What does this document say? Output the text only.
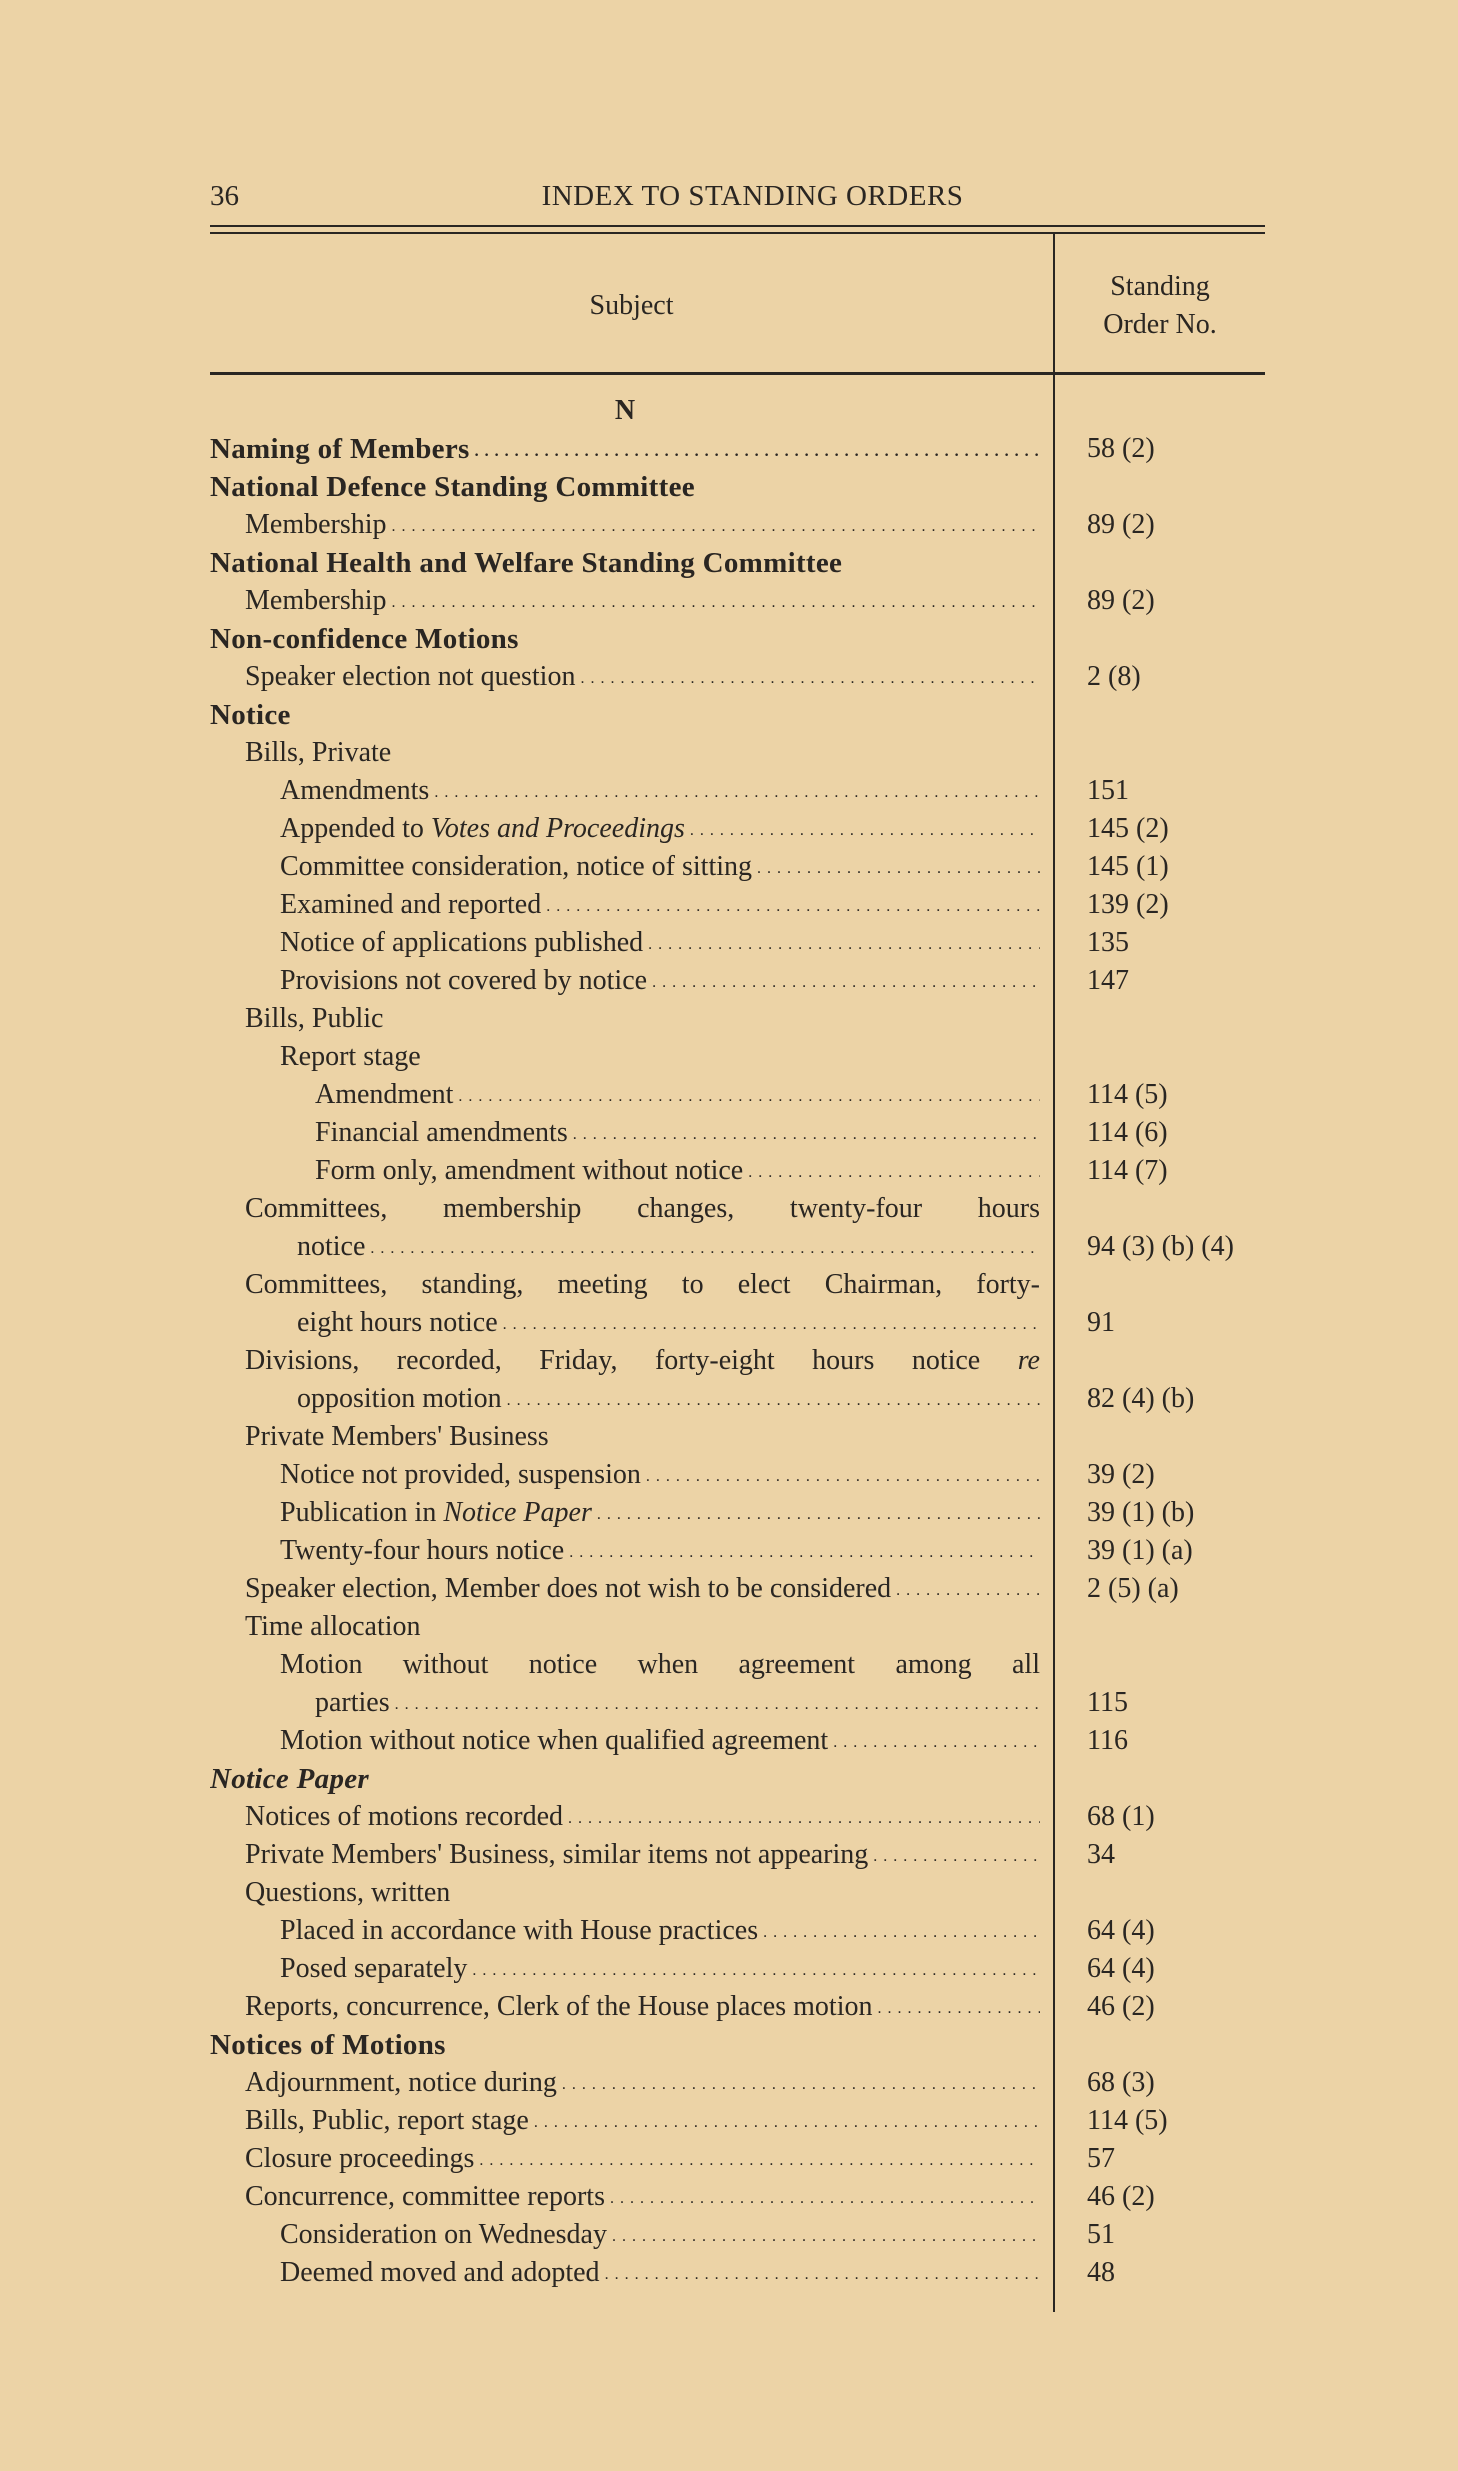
36	INDEX TO STANDING ORDERS
Subject
Standing
Order No.
N
Naming of Members . . .	58 (2)
National Defence Standing Committee
Membership . . .	89 (2)
National Health and Welfare Standing Committee
Membership . . .	89 (2)
Non-confidence Motions
Speaker election not question . . .	2 (8)
Notice
Bills, Private
Amendments . . .	151
Appended to Votes and Proceedings . . .	145 (2)
Committee consideration, notice of sitting . . .	145 (1)
Examined and reported . . .	139 (2)
Notice of applications published . . .	135
Provisions not covered by notice . . .	147
Bills, Public
Report stage
Amendment . . .	114 (5)
Financial amendments . . .	114 (6)
Form only, amendment without notice . . .	114 (7)
Committees, membership changes, twenty-four hours
notice . . .	94 (3) (b) (4)
Committees, standing, meeting to elect Chairman, forty-
eight hours notice . . .	91
Divisions, recorded, Friday, forty-eight hours notice re
opposition motion . . .	82 (4) (b)
Private Members' Business
Notice not provided, suspension . . .	39 (2)
Publication in Notice Paper . . .	39 (1) (b)
Twenty-four hours notice . . .	39 (1) (a)
Speaker election, Member does not wish to be considered . . .	2 (5) (a)
Time allocation
Motion without notice when agreement among all
parties . . .	115
Motion without notice when qualified agreement . . .	116
Notice Paper
Notices of motions recorded . . .	68 (1)
Private Members' Business, similar items not appearing . . .	34
Questions, written
Placed in accordance with House practices . . .	64 (4)
Posed separately . . .	64 (4)
Reports, concurrence, Clerk of the House places motion . . .	46 (2)
Notices of Motions
Adjournment, notice during . . .	68 (3)
Bills, Public, report stage . . .	114 (5)
Closure proceedings . . .	57
Concurrence, committee reports . . .	46 (2)
Consideration on Wednesday . . .	51
Deemed moved and adopted . . .	48
